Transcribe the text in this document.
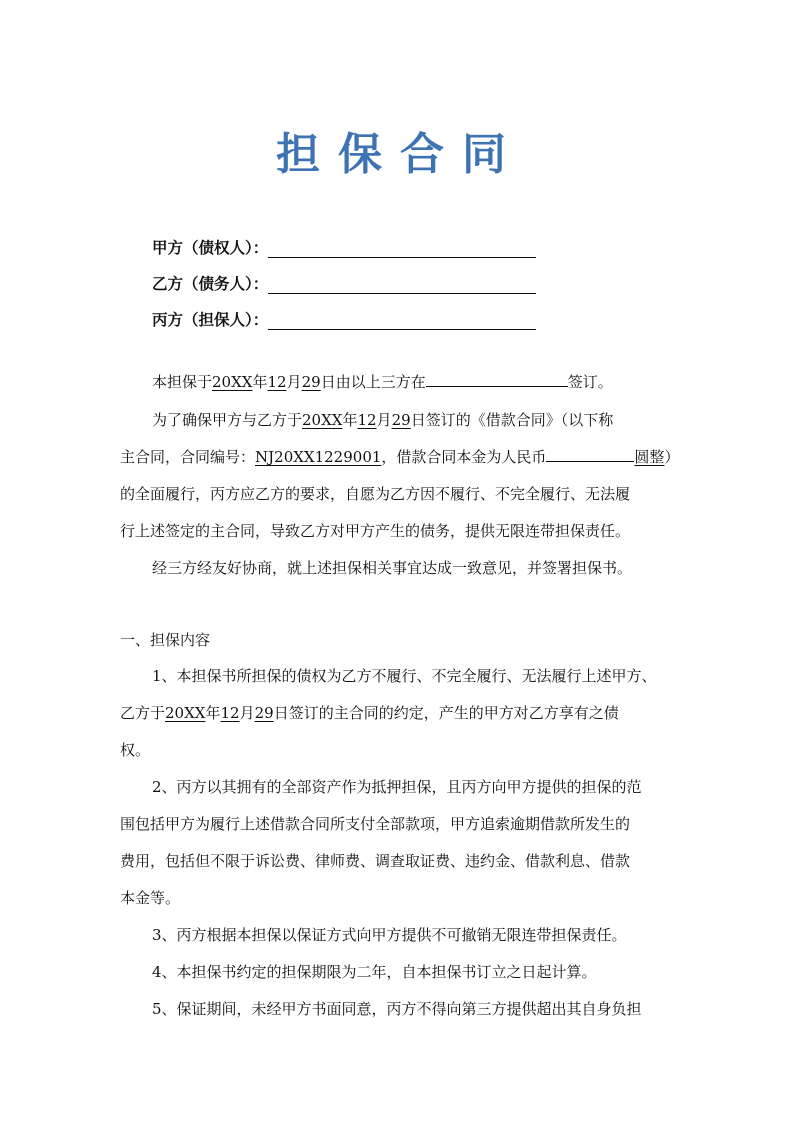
担保合同
甲方（债权人）：
乙方（债务人）：
丙方（担保人）：
本担保于20XX年12月29日由以上三方在	签订。
为了确保甲方与乙方于20XX年12月29日签订的《借款合同》（以下称
主合同，合同编号：NJ20XX1229001，借款合同本金为人民币	圆整）
的全面履行，丙方应乙方的要求，自愿为乙方因不履行、不完全履行、无法履
行上述签定的主合同，导致乙方对甲方产生的债务，提供无限连带担保责任。
经三方经友好协商，就上述担保相关事宜达成一致意见，并签署担保书。
一、担保内容
1、本担保书所担保的债权为乙方不履行、不完全履行、无法履行上述甲方、
乙方于20XX年12月29日签订的主合同的约定，产生的甲方对乙方享有之债
权。
2、丙方以其拥有的全部资产作为抵押担保，且丙方向甲方提供的担保的范
围包括甲方为履行上述借款合同所支付全部款项，甲方追索逾期借款所发生的
费用，包括但不限于诉讼费、律师费、调查取证费、违约金、借款利息、借款
本金等。
3、丙方根据本担保以保证方式向甲方提供不可撤销无限连带担保责任。
4、本担保书约定的担保期限为二年，自本担保书订立之日起计算。
5、保证期间，未经甲方书面同意，丙方不得向第三方提供超出其自身负担
